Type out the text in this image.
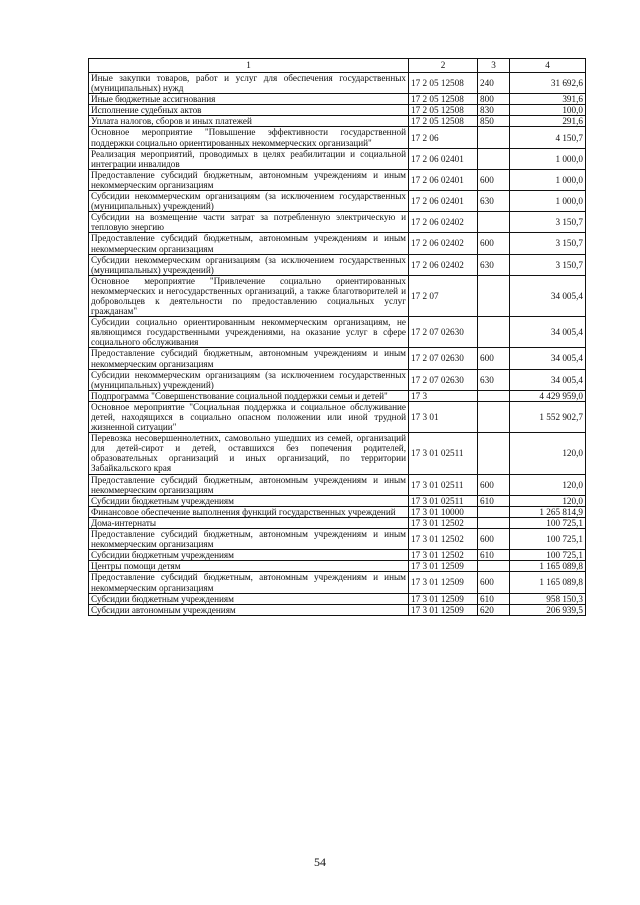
1	2	3	4
Иные закупки товаров, работ и услуг для обеспечения государственных (муниципальных) нужд	17 2 05 12508	240	31 692,6
Иные бюджетные ассигнования	17 2 05 12508	800	391,6
Исполнение судебных актов	17 2 05 12508	830	100,0
Уплата налогов, сборов и иных платежей	17 2 05 12508	850	291,6
Основное мероприятие "Повышение эффективности государственной поддержки социально ориентированных некоммерческих организаций"	17 2 06		4 150,7
Реализация мероприятий, проводимых в целях реабилитации и социальной интеграции инвалидов	17 2 06 02401		1 000,0
Предоставление субсидий бюджетным, автономным учреждениям и иным некоммерческим организациям	17 2 06 02401	600	1 000,0
Субсидии некоммерческим организациям (за исключением государственных (муниципальных) учреждений)	17 2 06 02401	630	1 000,0
Субсидии на возмещение части затрат за потребленную электрическую и тепловую энергию	17 2 06 02402		3 150,7
Предоставление субсидий бюджетным, автономным учреждениям и иным некоммерческим организациям	17 2 06 02402	600	3 150,7
Субсидии некоммерческим организациям (за исключением государственных (муниципальных) учреждений)	17 2 06 02402	630	3 150,7
Основное мероприятие "Привлечение социально ориентированных некоммерческих и негосударственных организаций, а также благотворителей и добровольцев к деятельности по предоставлению социальных услуг гражданам"	17 2 07		34 005,4
Субсидии социально ориентированным некоммерческим организациям, не являющимся государственными учреждениями, на оказание услуг в сфере социального обслуживания	17 2 07 02630		34 005,4
Предоставление субсидий бюджетным, автономным учреждениям и иным некоммерческим организациям	17 2 07 02630	600	34 005,4
Субсидии некоммерческим организациям (за исключением государственных (муниципальных) учреждений)	17 2 07 02630	630	34 005,4
Подпрограмма "Совершенствование социальной поддержки семьи и детей"	17 3		4 429 959,0
Основное мероприятие "Социальная поддержка и социальное обслуживание детей, находящихся в социально опасном положении или иной трудной жизненной ситуации"	17 3 01		1 552 902,7
Перевозка несовершеннолетних, самовольно ушедших из семей, организаций для детей-сирот и детей, оставшихся без попечения родителей, образовательных организаций и иных организаций, по территории Забайкальского края	17 3 01 02511		120,0
Предоставление субсидий бюджетным, автономным учреждениям и иным некоммерческим организациям	17 3 01 02511	600	120,0
Субсидии бюджетным учреждениям	17 3 01 02511	610	120,0
Финансовое обеспечение выполнения функций государственных учреждений	17 3 01 10000		1 265 814,9
Дома-интернаты	17 3 01 12502		100 725,1
Предоставление субсидий бюджетным, автономным учреждениям и иным некоммерческим организациям	17 3 01 12502	600	100 725,1
Субсидии бюджетным учреждениям	17 3 01 12502	610	100 725,1
Центры помощи детям	17 3 01 12509		1 165 089,8
Предоставление субсидий бюджетным, автономным учреждениям и иным некоммерческим организациям	17 3 01 12509	600	1 165 089,8
Субсидии бюджетным учреждениям	17 3 01 12509	610	958 150,3
Субсидии автономным учреждениям	17 3 01 12509	620	206 939,5
54
